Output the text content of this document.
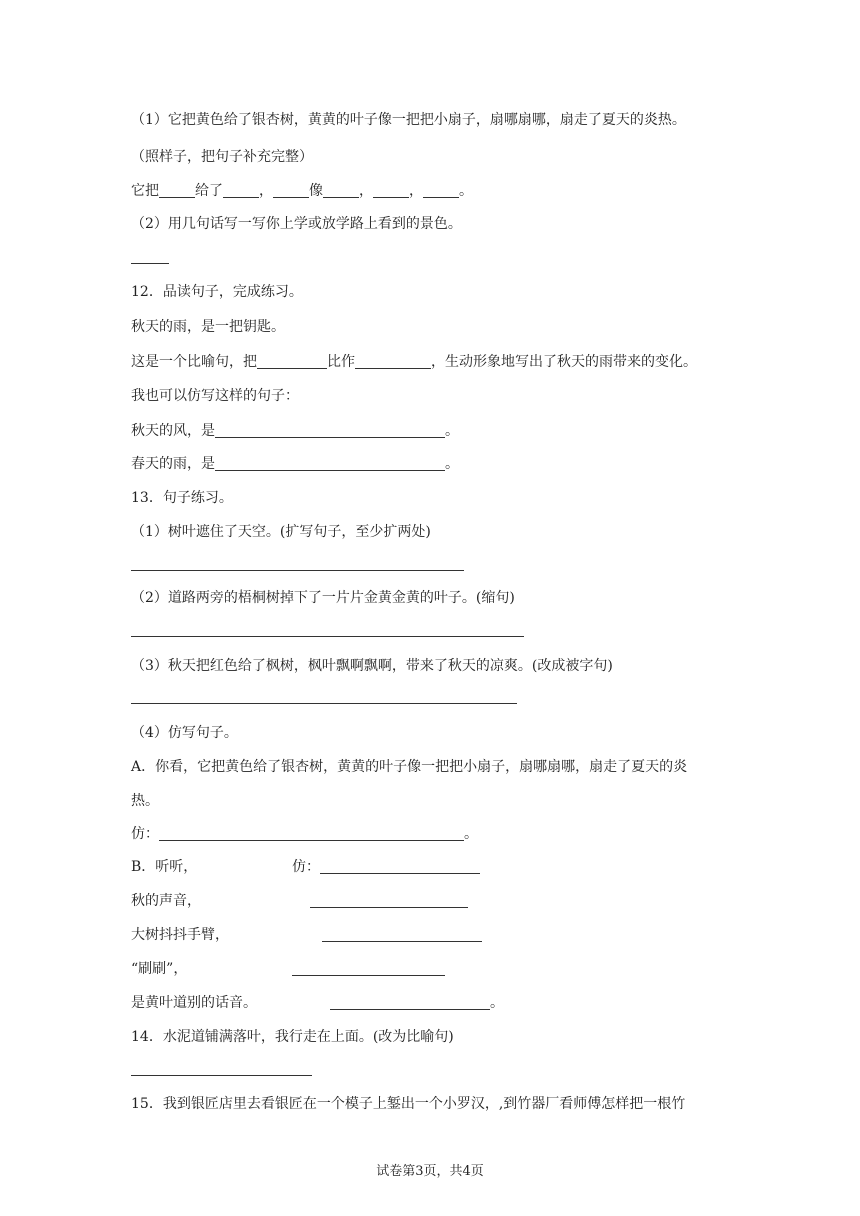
（1）它把黄色给了银杏树，黄黄的叶子像一把把小扇子，扇哪扇哪，扇走了夏天的炎热。
（照样子，把句子补充完整）
它把	给了	，	像	，	，	。
（2）用几句话写一写你上学或放学路上看到的景色。
12．品读句子，完成练习。
秋天的雨，是一把钥匙。
这是一个比喻句，把	比作	，生动形象地写出了秋天的雨带来的变化。
我也可以仿写这样的句子：
秋天的风，是	。
春天的雨，是	。
13．句子练习。
（1）树叶遮住了天空。(扩写句子，至少扩两处)
（2）道路两旁的梧桐树掉下了一片片金黄金黄的叶子。(缩句)
（3）秋天把红色给了枫树，枫叶飘啊飘啊，带来了秋天的凉爽。(改成被字句)
（4）仿写句子。
A．你看，它把黄色给了银杏树，黄黄的叶子像一把把小扇子，扇哪扇哪，扇走了夏天的炎
热。
仿：	。
B．听听，	仿：
秋的声音，
大树抖抖手臂，
“刷刷”，
是黄叶道别的话音。	。
14．水泥道铺满落叶，我行走在上面。(改为比喻句)
15．我到银匠店里去看银匠在一个模子上錾出一个小罗汉，,到竹器厂看师傅怎样把一根竹
试卷第3页，共4页
